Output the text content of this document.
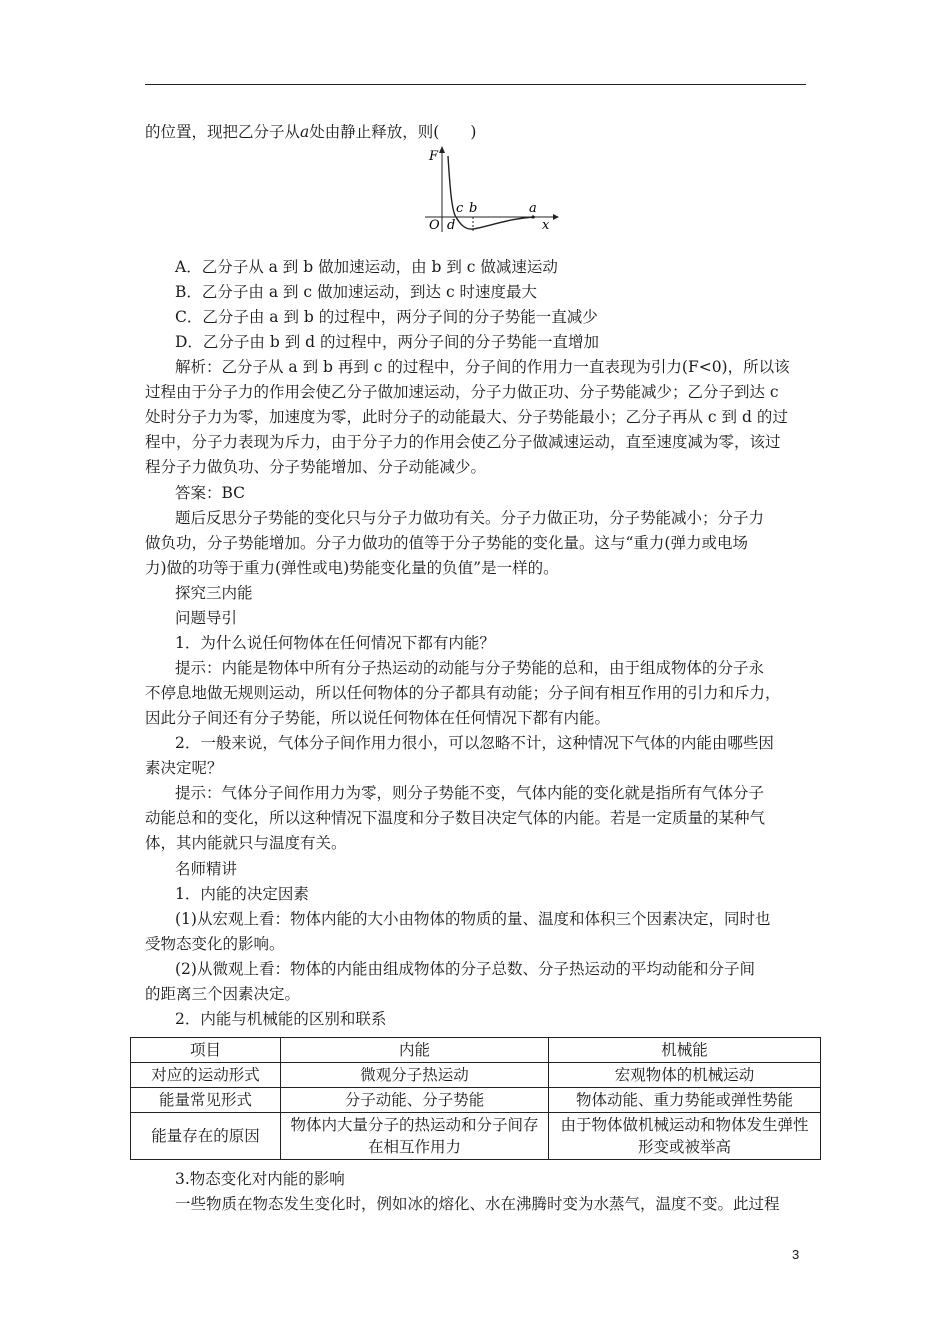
的位置，现把乙分子从a处由静止释放，则(　　)
F
O d
c b	a
x
A．乙分子从 a 到 b 做加速运动，由 b 到 c 做减速运动
B．乙分子由 a 到 c 做加速运动，到达 c 时速度最大
C．乙分子由 a 到 b 的过程中，两分子间的分子势能一直减少
D．乙分子由 b 到 d 的过程中，两分子间的分子势能一直增加
解析：乙分子从 a 到 b 再到 c 的过程中，分子间的作用力一直表现为引力(F<0)，所以该
过程由于分子力的作用会使乙分子做加速运动，分子力做正功、分子势能减少；乙分子到达 c
处时分子力为零，加速度为零，此时分子的动能最大、分子势能最小；乙分子再从 c 到 d 的过
程中，分子力表现为斥力，由于分子力的作用会使乙分子做减速运动，直至速度减为零，该过
程分子力做负功、分子势能增加、分子动能减少。
答案：BC
题后反思分子势能的变化只与分子力做功有关。分子力做正功，分子势能减小；分子力
做负功，分子势能增加。分子力做功的值等于分子势能的变化量。这与“重力(弹力或电场
力)做的功等于重力(弹性或电)势能变化量的负值”是一样的。
探究三内能
问题导引
1．为什么说任何物体在任何情况下都有内能？
提示：内能是物体中所有分子热运动的动能与分子势能的总和，由于组成物体的分子永
不停息地做无规则运动，所以任何物体的分子都具有动能；分子间有相互作用的引力和斥力，
因此分子间还有分子势能，所以说任何物体在任何情况下都有内能。
2．一般来说，气体分子间作用力很小，可以忽略不计，这种情况下气体的内能由哪些因
素决定呢？
提示：气体分子间作用力为零，则分子势能不变，气体内能的变化就是指所有气体分子
动能总和的变化，所以这种情况下温度和分子数目决定气体的内能。若是一定质量的某种气
体，其内能就只与温度有关。
名师精讲
1．内能的决定因素
(1)从宏观上看：物体内能的大小由物体的物质的量、温度和体积三个因素决定，同时也
受物态变化的影响。
(2)从微观上看：物体的内能由组成物体的分子总数、分子热运动的平均动能和分子间
的距离三个因素决定。
2．内能与机械能的区别和联系
项目	内能	机械能
对应的运动形式	微观分子热运动	宏观物体的机械运动
能量常见形式	分子动能、分子势能	物体动能、重力势能或弹性势能
能量存在的原因	物体内大量分子的热运动和分子间存在相互作用力	由于物体做机械运动和物体发生弹性形变或被举高
3.物态变化对内能的影响
一些物质在物态发生变化时，例如冰的熔化、水在沸腾时变为水蒸气，温度不变。此过程
3
